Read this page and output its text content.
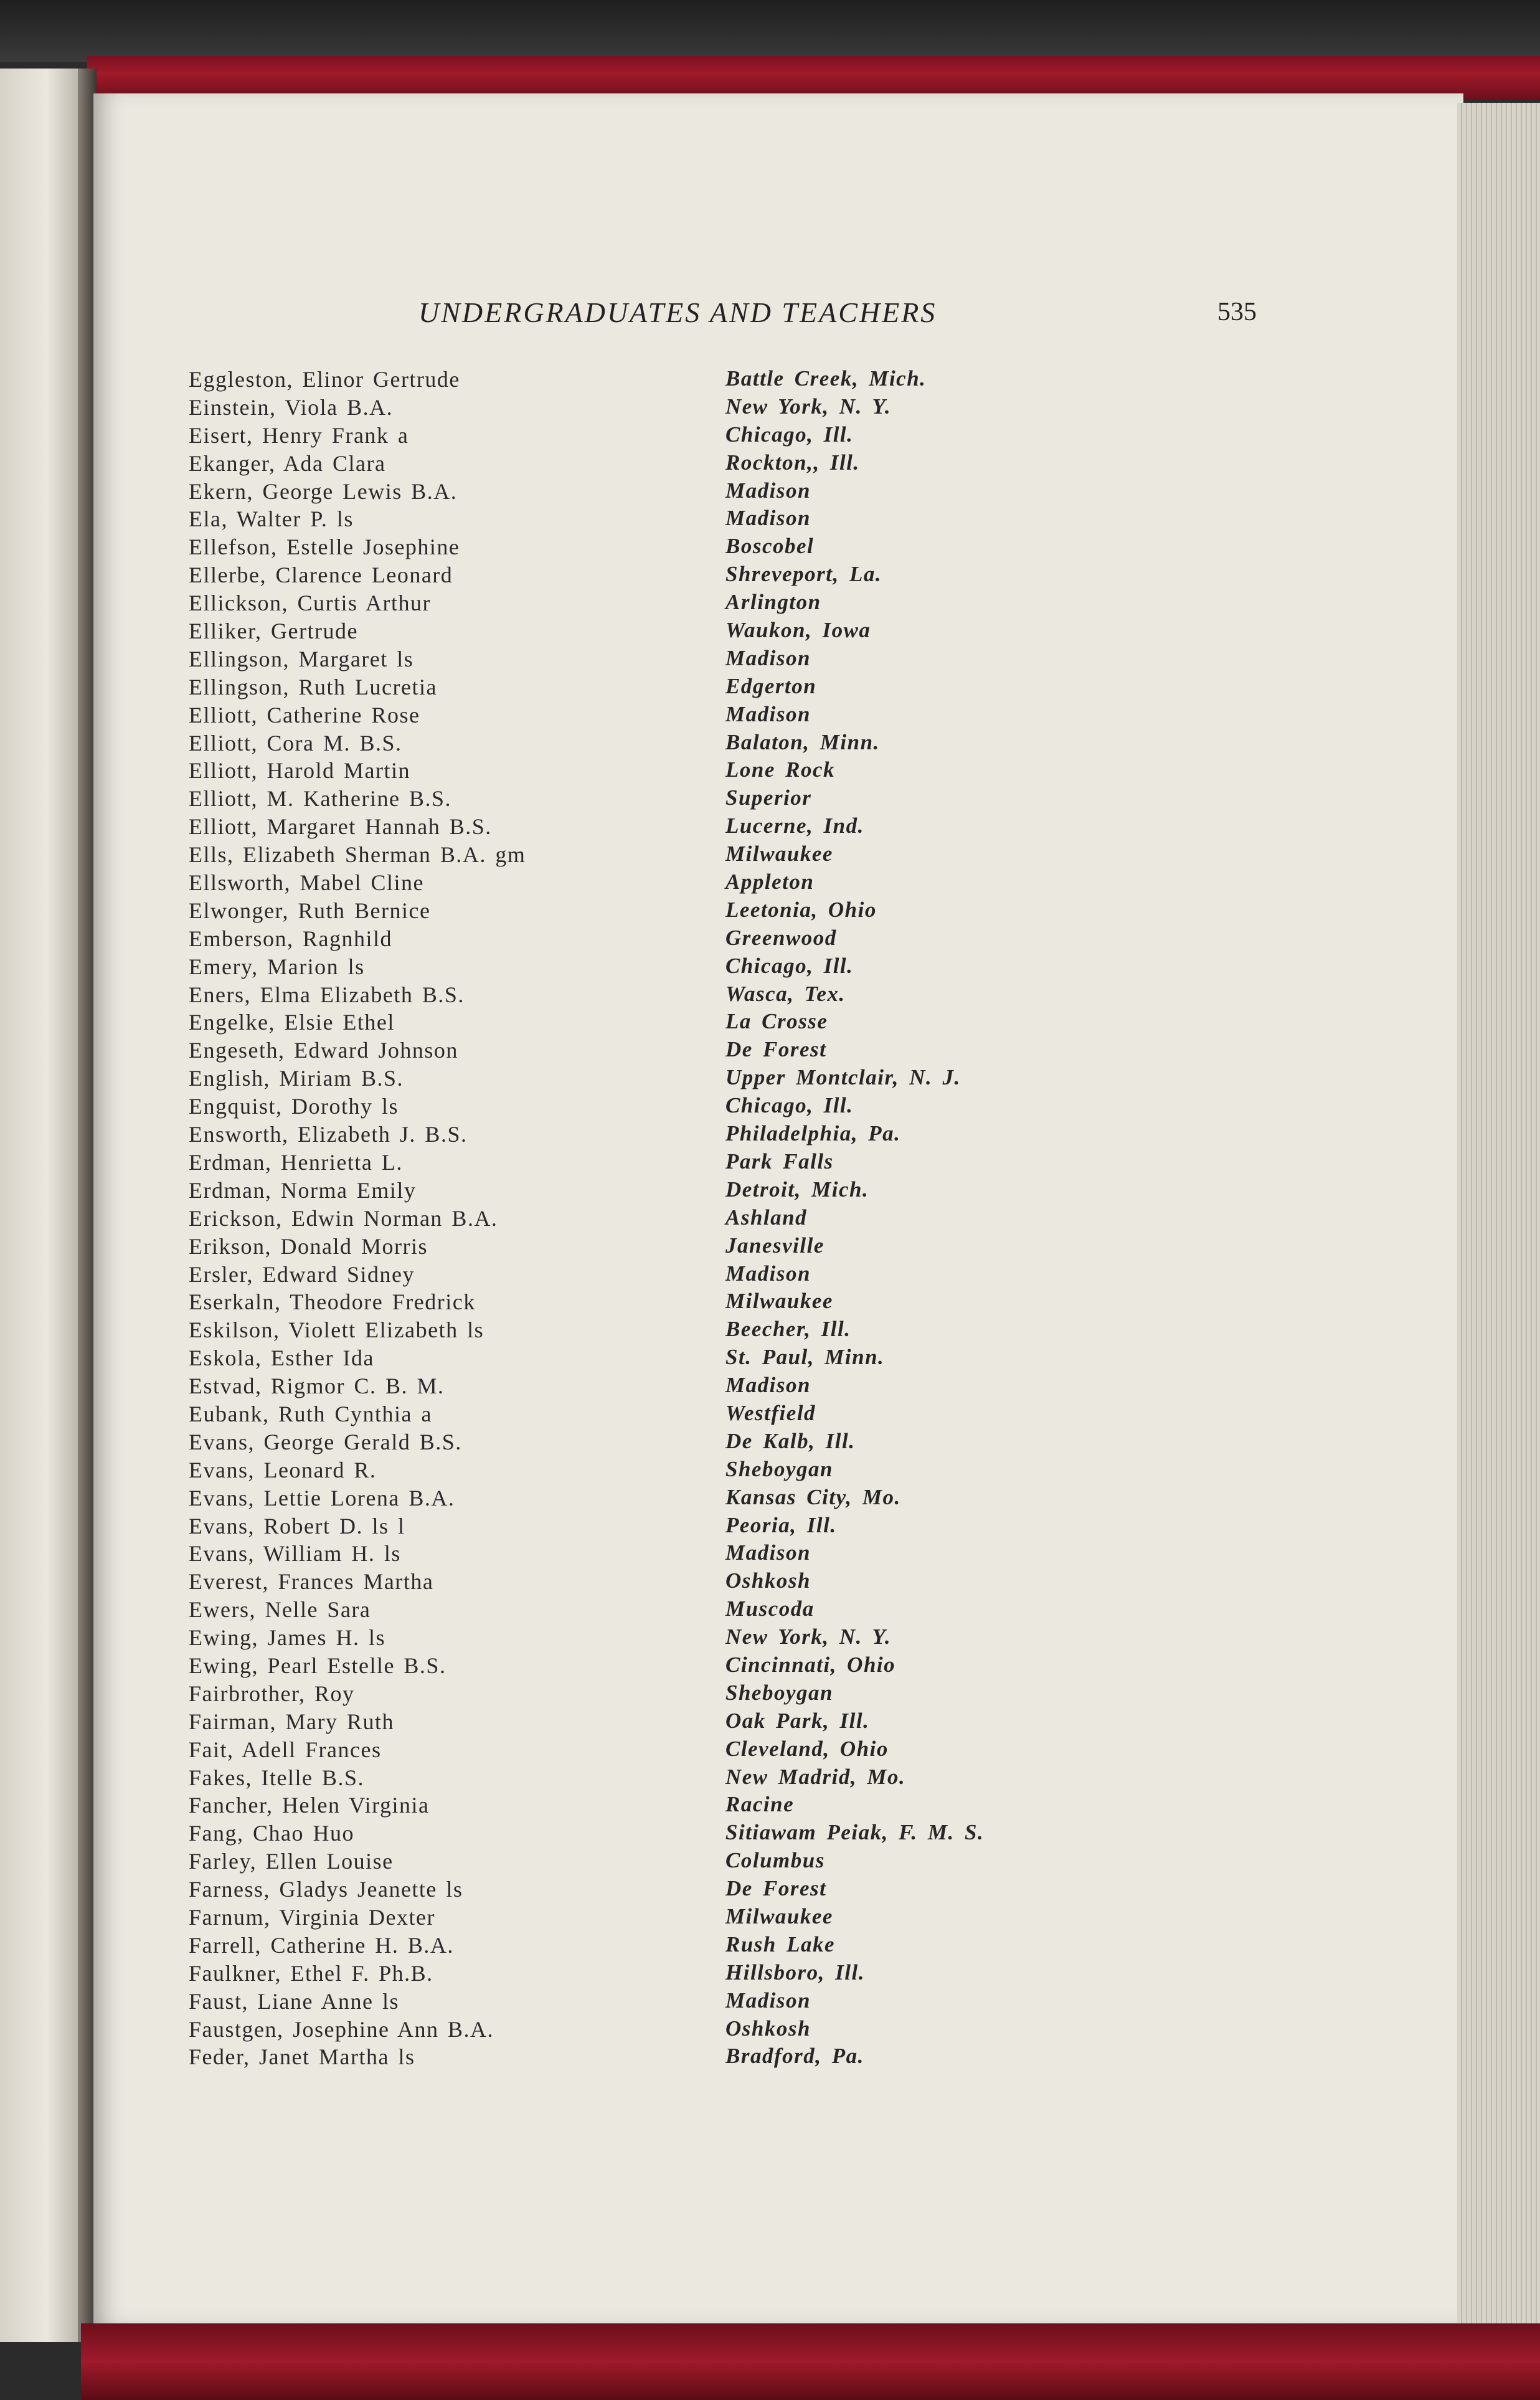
UNDERGRADUATES AND TEACHERS	535
Eggleston, Elinor Gertrude	Battle Creek, Mich.
Einstein, Viola B.A.	New York, N. Y.
Eisert, Henry Frank a	Chicago, Ill.
Ekanger, Ada Clara	Rockton,, Ill.
Ekern, George Lewis B.A.	Madison
Ela, Walter P. ls	Madison
Ellefson, Estelle Josephine	Boscobel
Ellerbe, Clarence Leonard	Shreveport, La.
Ellickson, Curtis Arthur	Arlington
Elliker, Gertrude	Waukon, Iowa
Ellingson, Margaret ls	Madison
Ellingson, Ruth Lucretia	Edgerton
Elliott, Catherine Rose	Madison
Elliott, Cora M. B.S.	Balaton, Minn.
Elliott, Harold Martin	Lone Rock
Elliott, M. Katherine B.S.	Superior
Elliott, Margaret Hannah B.S.	Lucerne, Ind.
Ells, Elizabeth Sherman B.A. gm	Milwaukee
Ellsworth, Mabel Cline	Appleton
Elwonger, Ruth Bernice	Leetonia, Ohio
Emberson, Ragnhild	Greenwood
Emery, Marion ls	Chicago, Ill.
Eners, Elma Elizabeth B.S.	Wasca, Tex.
Engelke, Elsie Ethel	La Crosse
Engeseth, Edward Johnson	De Forest
English, Miriam B.S.	Upper Montclair, N. J.
Engquist, Dorothy ls	Chicago, Ill.
Ensworth, Elizabeth J. B.S.	Philadelphia, Pa.
Erdman, Henrietta L.	Park Falls
Erdman, Norma Emily	Detroit, Mich.
Erickson, Edwin Norman B.A.	Ashland
Erikson, Donald Morris	Janesville
Ersler, Edward Sidney	Madison
Eserkaln, Theodore Fredrick	Milwaukee
Eskilson, Violett Elizabeth ls	Beecher, Ill.
Eskola, Esther Ida	St. Paul, Minn.
Estvad, Rigmor C. B. M.	Madison
Eubank, Ruth Cynthia a	Westfield
Evans, George Gerald B.S.	De Kalb, Ill.
Evans, Leonard R.	Sheboygan
Evans, Lettie Lorena B.A.	Kansas City, Mo.
Evans, Robert D. ls l	Peoria, Ill.
Evans, William H. ls	Madison
Everest, Frances Martha	Oshkosh
Ewers, Nelle Sara	Muscoda
Ewing, James H. ls	New York, N. Y.
Ewing, Pearl Estelle B.S.	Cincinnati, Ohio
Fairbrother, Roy	Sheboygan
Fairman, Mary Ruth	Oak Park, Ill.
Fait, Adell Frances	Cleveland, Ohio
Fakes, Itelle B.S.	New Madrid, Mo.
Fancher, Helen Virginia	Racine
Fang, Chao Huo	Sitiawam Peiak, F. M. S.
Farley, Ellen Louise	Columbus
Farness, Gladys Jeanette ls	De Forest
Farnum, Virginia Dexter	Milwaukee
Farrell, Catherine H. B.A.	Rush Lake
Faulkner, Ethel F. Ph.B.	Hillsboro, Ill.
Faust, Liane Anne ls	Madison
Faustgen, Josephine Ann B.A.	Oshkosh
Feder, Janet Martha ls	Bradford, Pa.
